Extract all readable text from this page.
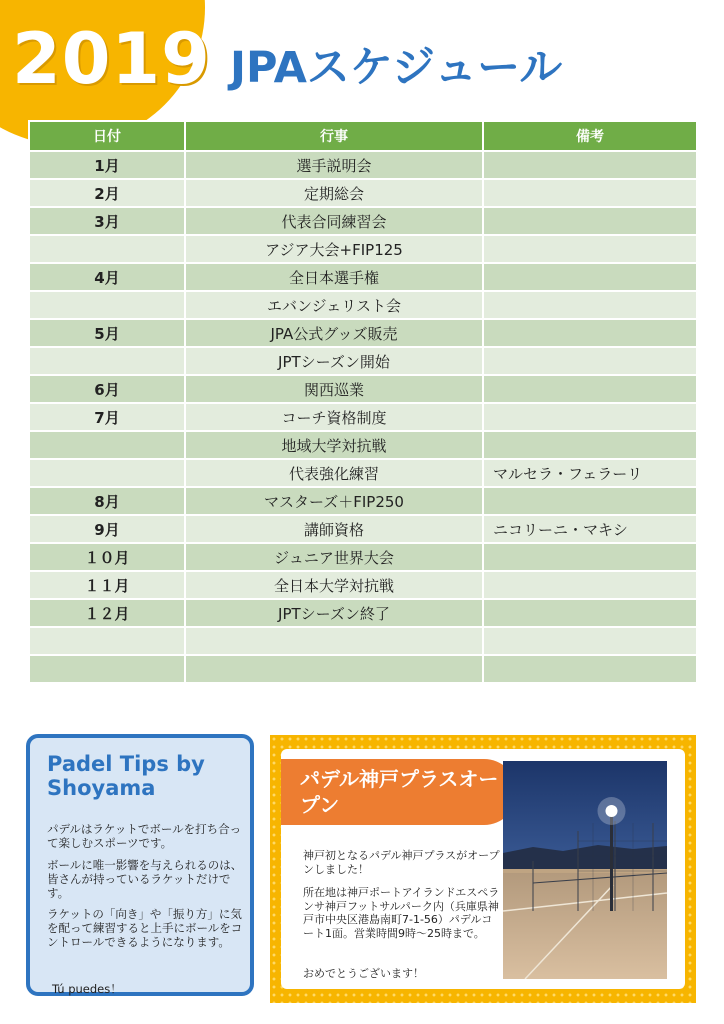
2019 JPAスケジュール
日付	行事	備考
1月	選手説明会	
2月	定期総会	
3月	代表合同練習会	
	アジア大会+FIP125	
4月	全日本選手権	
	エバンジェリスト会	
5月	JPA公式グッズ販売	
	JPTシーズン開始	
6月	関西巡業	
7月	コーチ資格制度	
	地域大学対抗戦	
	代表強化練習	マルセラ・フェラーリ
8月	マスターズ＋FIP250	
9月	講師資格	ニコリーニ・マキシ
１０月	ジュニア世界大会	
１１月	全日本大学対抗戦	
１２月	JPTシーズン終了	

Padel Tips by Shoyama
パデルはラケットでボールを打ち合って楽しむスポーツです。
ボールに唯一影響を与えられるのは、皆さんが持っているラケットだけです。
ラケットの「向き」や「振り方」に気を配って練習すると上手にボールをコントロールできるようになります。
Tú puedes！
パデル神戸プラスオープン
神戸初となるパデル神戸プラスがオープンしました！
所在地は神戸ポートアイランドエスペランサ神戸フットサルパーク内（兵庫県神戸市中央区港島南町7-1-56）パデルコート1面。営業時間9時～25時まで。
おめでとうございます！
